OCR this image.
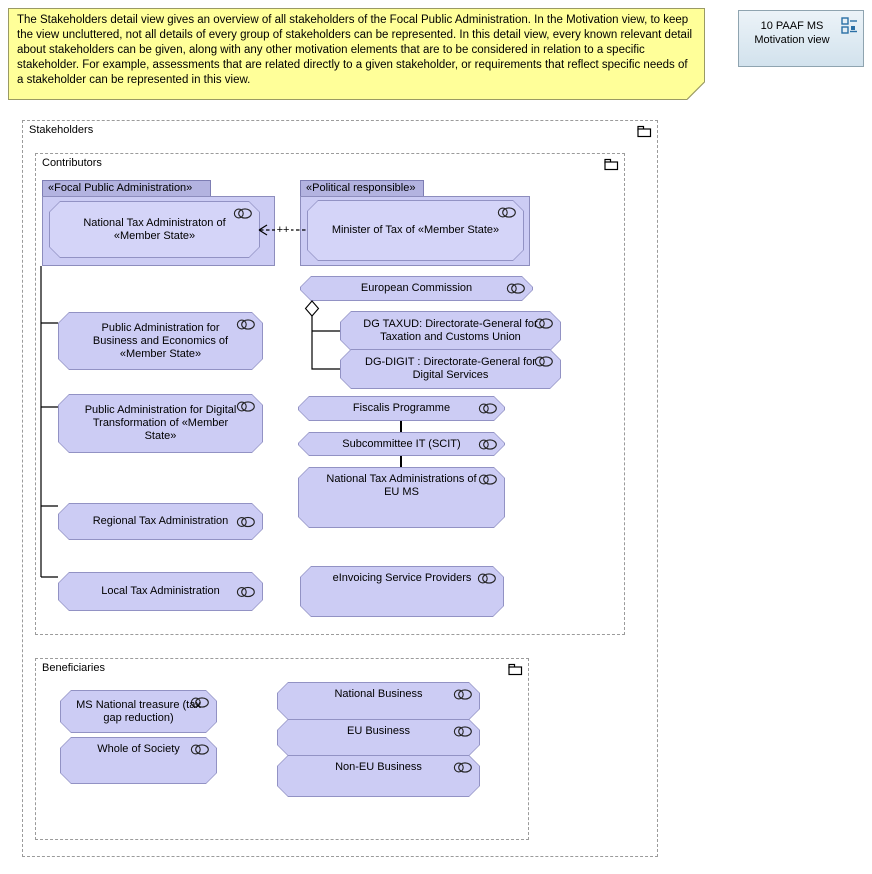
The Stakeholders detail view gives an overview of all stakeholders of the Focal Public Administration. In the Motivation view, to keep the view uncluttered, not all details of every group of stakeholders can be represented. In this detail view, every known relevant detail about stakeholders can be given, along with any other motivation elements that are to be considered in relation to a specific stakeholder. For example, assessments that are related directly to a given stakeholder, or requirements that reflect specific needs of a stakeholder can be represented in this view.
10 PAAF MS Motivation view
Stakeholders
Contributors
Beneficiaries
«Focal Public Administration»	«Political responsible»
National Tax Administraton of «Member State»	Minister of Tax of «Member State»
++
European Commission
DG TAXUD: Directorate-General for Taxation and Customs Union
DG-DIGIT : Directorate-General for Digital Services
Public Administration for Business and Economics of «Member State»
Public Administration for Digital Transformation of «Member State»
Fiscalis Programme
Subcommittee IT (SCIT)
National Tax Administrations of EU MS
Regional Tax Administration
Local Tax Administration
eInvoicing Service Providers
MS National treasure (tax gap reduction)
Whole of Society
National Business
EU Business
Non-EU Business
